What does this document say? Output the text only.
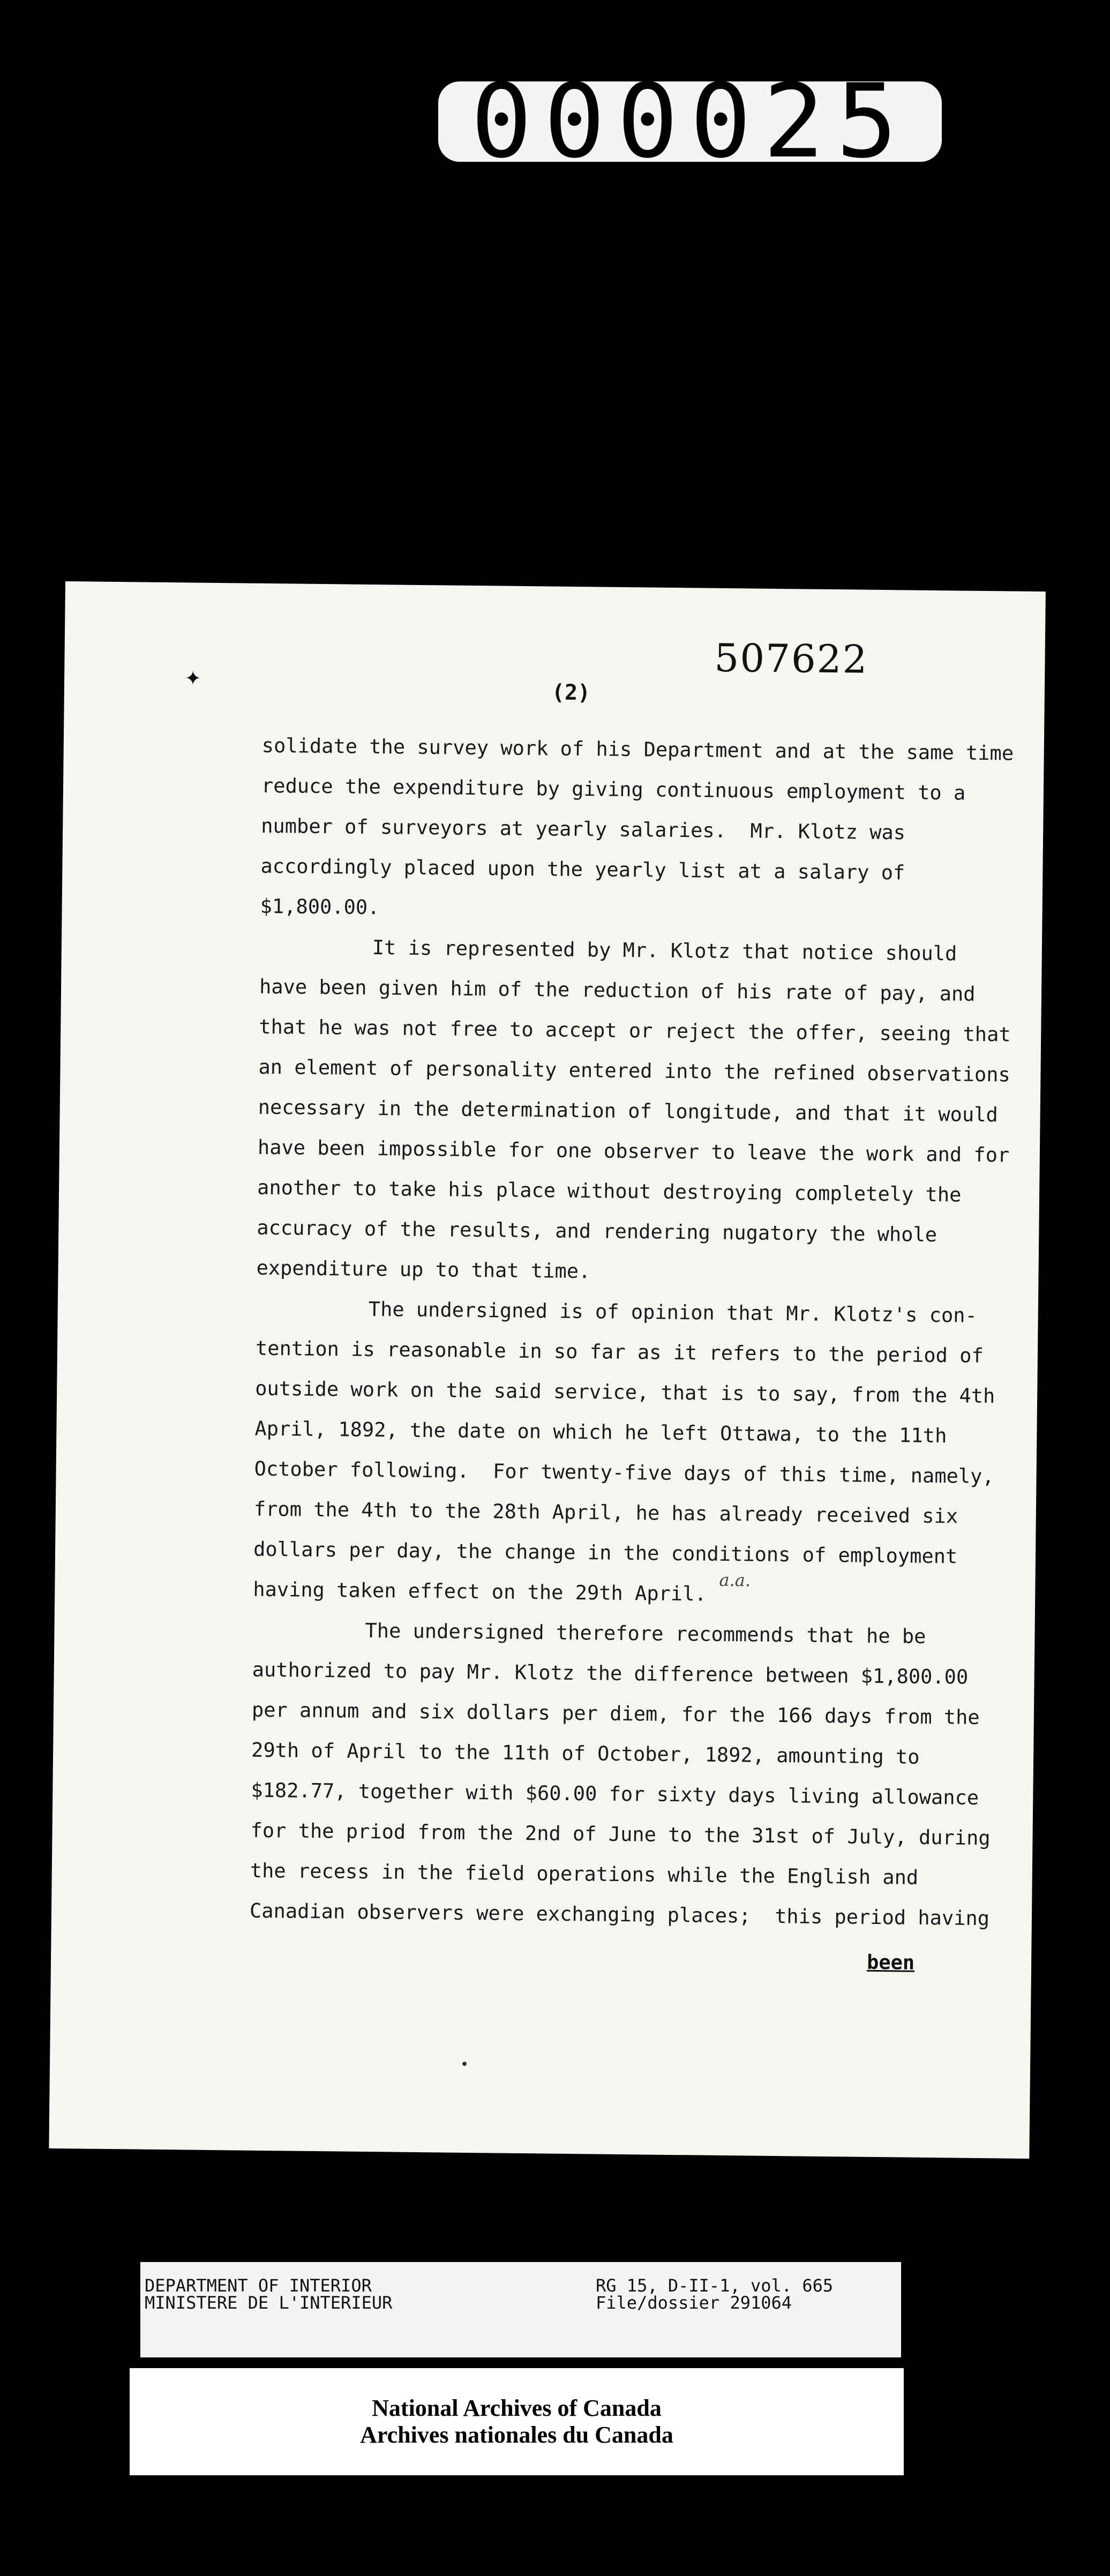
000025
✦	507622
(2)
solidate the survey work of his Department and at the same time
reduce the expenditure by giving continuous employment to a
number of surveyors at yearly salaries.  Mr. Klotz was
accordingly placed upon the yearly list at a salary of
$1,800.00.
It is represented by Mr. Klotz that notice should
have been given him of the reduction of his rate of pay, and
that he was not free to accept or reject the offer, seeing that
an element of personality entered into the refined observations
necessary in the determination of longitude, and that it would
have been impossible for one observer to leave the work and for
another to take his place without destroying completely the
accuracy of the results, and rendering nugatory the whole
expenditure up to that time.
The undersigned is of opinion that Mr. Klotz's con-
tention is reasonable in so far as it refers to the period of
outside work on the said service, that is to say, from the 4th
April, 1892, the date on which he left Ottawa, to the 11th
October following.  For twenty-five days of this time, namely,
from the 4th to the 28th April, he has already received six
dollars per day, the change in the conditions of employment
having taken effect on the 29th April.
The undersigned therefore recommends that he be
authorized to pay Mr. Klotz the difference between $1,800.00
per annum and six dollars per diem, for the 166 days from the
29th of April to the 11th of October, 1892, amounting to
$182.77, together with $60.00 for sixty days living allowance
for the priod from the 2nd of June to the 31st of July, during
the recess in the field operations while the English and
Canadian observers were exchanging places;  this period having
a.a.
been
DEPARTMENT OF INTERIOR
MINISTERE DE L'INTERIEUR
RG 15, D-II-1, vol. 665
File/dossier 291064
National Archives of Canada
Archives nationales du Canada
